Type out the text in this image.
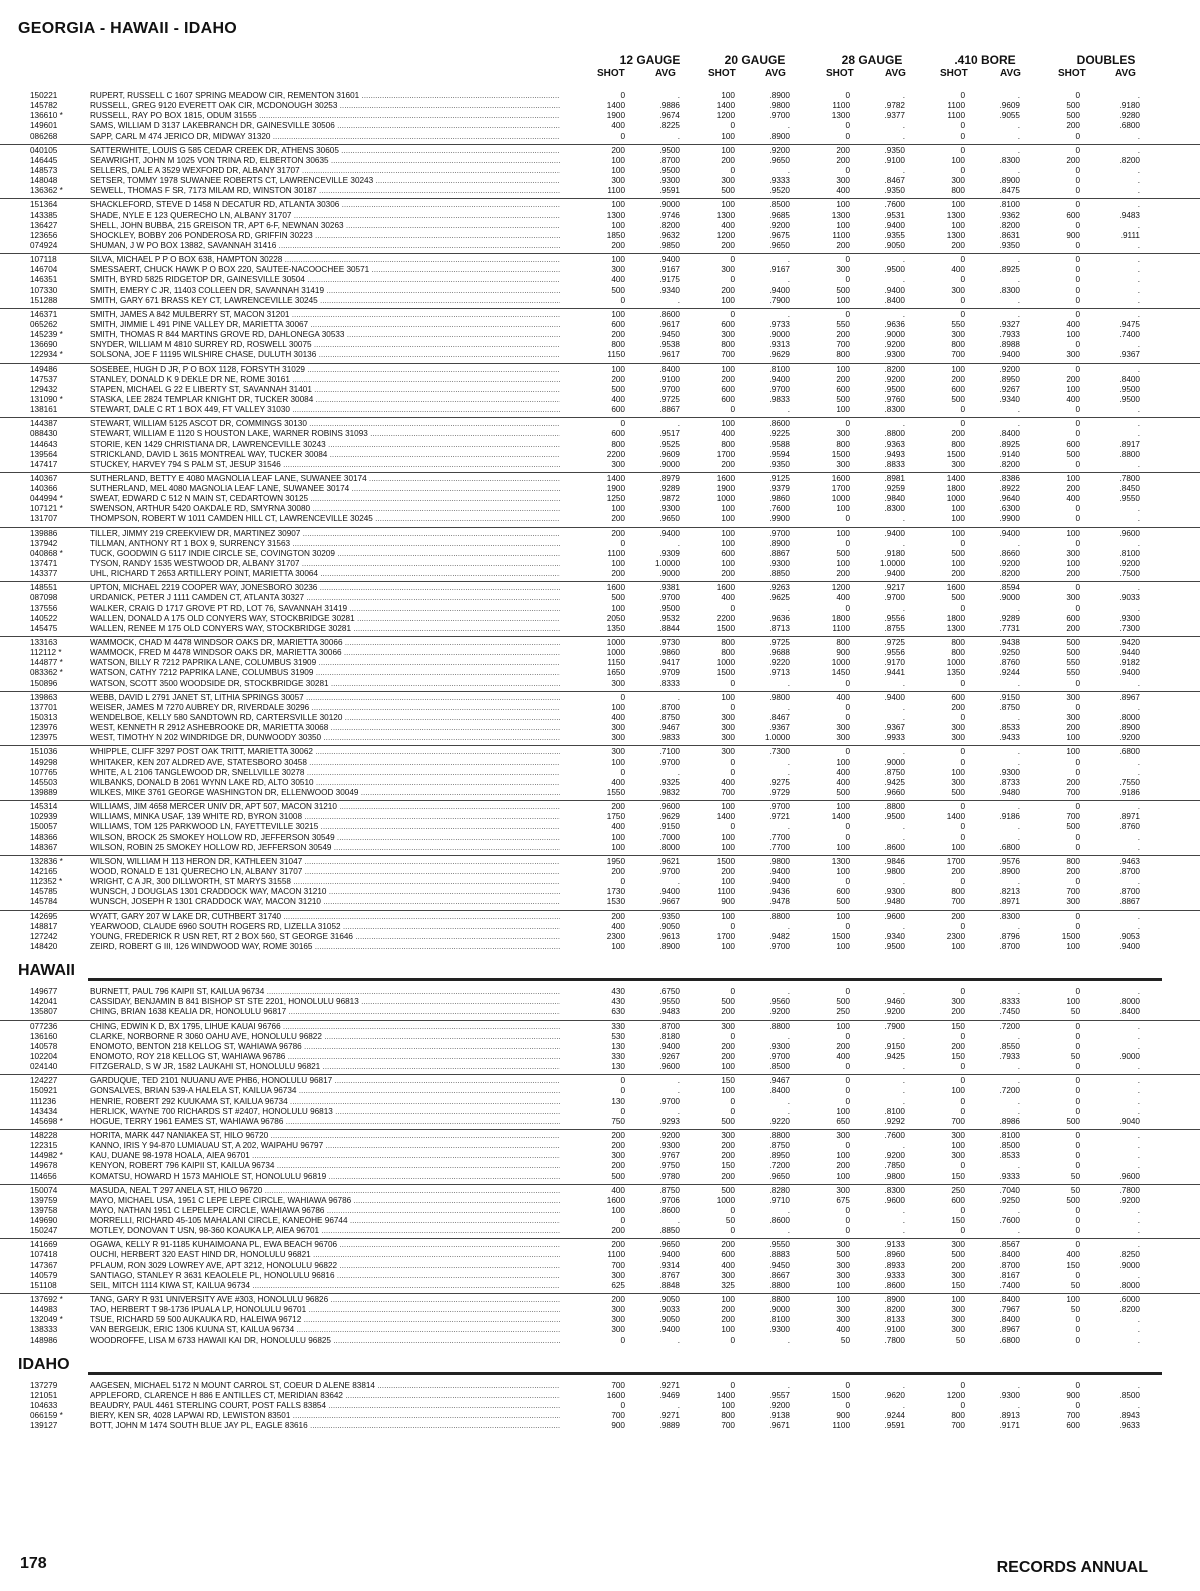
GEORGIA - HAWAII - IDAHO
12 GAUGE	20 GAUGE	28 GAUGE	.410 BORE	DOUBLES
SHOT	AVG	SHOT	AVG	SHOT	AVG	SHOT	AVG	SHOT	AVG
150221	RUPERT, RUSSELL C 1607 SPRING MEADOW CIR, REMENTON 31601 .....	0	.	100	.8900	0	.	0	.	0	.
145782	RUSSELL, GREG 9120 EVERETT OAK CIR, MCDONOUGH 30253 .....	1400	.9886	1400	.9800	1100	.9782	1100	.9609	500	.9180
136610 *	RUSSELL, RAY PO BOX 1815, ODUM 31555 .....	1900	.9674	1200	.9700	1300	.9377	1100	.9055	500	.9280
149601	SAMS, WILLIAM D 3137 LAKEBRANCH DR, GAINESVILLE 30506 .....	400	.8225	0	.	0	.	0	.	200	.6800
086268	SAPP, CARL M 474 JERICO DR, MIDWAY 31320 .....	0	.	100	.8900	0	.	0	.	0	.
040105	SATTERWHITE, LOUIS G 585 CEDAR CREEK DR, ATHENS 30605 .....	200	.9500	100	.9200	200	.9350	0	.	0	.
146445	SEAWRIGHT, JOHN M 1025 VON TRINA RD, ELBERTON 30635 .....	100	.8700	200	.9650	200	.9100	100	.8300	200	.8200
148573	SELLERS, DALE A 3529 WEXFORD DR, ALBANY 31707 .....	100	.9500	0	.	0	.	0	.	0	.
148048	SETSER, TOMMY 1978 SUWANEE ROBERTS CT, LAWRENCEVILLE 30243 .....	300	.9300	300	.9333	300	.8467	300	.8900	0	.
136362 *	SEWELL, THOMAS F SR, 7173 MILAM RD, WINSTON 30187 .....	1100	.9591	500	.9520	400	.9350	800	.8475	0	.
151364	SHACKLEFORD, STEVE D 1458 N DECATUR RD, ATLANTA 30306 .....	100	.9000	100	.8500	100	.7600	100	.8100	0	.
143385	SHADE, NYLE E 123 QUERECHO LN, ALBANY 31707 .....	1300	.9746	1300	.9685	1300	.9531	1300	.9362	600	.9483
136427	SHELL, JOHN BUBBA, 215 GREISON TR, APT 6-F, NEWNAN 30263 .....	100	.8200	400	.9200	100	.9400	100	.8200	0	.
123656	SHOCKLEY, BOBBY 206 PONDEROSA RD, GRIFFIN 30223 .....	1850	.9632	1200	.9675	1100	.9355	1300	.8631	900	.9111
074924	SHUMAN, J W PO BOX 13882, SAVANNAH 31416 .....	200	.9850	200	.9650	200	.9050	200	.9350	0	.
107118	SILVA, MICHAEL P P O BOX 638, HAMPTON 30228 .....	100	.9400	0	.	0	.	0	.	0	.
146704	SMESSAERT, CHUCK HAWK P O BOX 220, SAUTEE-NACOOCHEE 30571 .....	300	.9167	300	.9167	300	.9500	400	.8925	0	.
146351	SMITH, BYRD 5825 RIDGETOP DR, GAINESVILLE 30504 .....	400	.9175	0	.	0	.	0	.	0	.
107330	SMITH, EMERY C JR, 11403 COLLEEN DR, SAVANNAH 31419 .....	500	.9340	200	.9400	500	.9400	300	.8300	0	.
151288	SMITH, GARY 671 BRASS KEY CT, LAWRENCEVILLE 30245 .....	0	.	100	.7900	100	.8400	0	.	0	.
146371	SMITH, JAMES A 842 MULBERRY ST, MACON 31201 .....	100	.8600	0	.	0	.	0	.	0	.
065262	SMITH, JIMMIE L 491 PINE VALLEY DR, MARIETTA 30067 .....	600	.9617	600	.9733	550	.9636	550	.9327	400	.9475
145239 *	SMITH, THOMAS R 844 MARTINS GROVE RD, DAHLONEGA 30533 .....	200	.9450	300	.9000	200	.9000	300	.7933	100	.7400
136690	SNYDER, WILLIAM M 4810 SURREY RD, ROSWELL 30075 .....	800	.9538	800	.9313	700	.9200	800	.8988	0	.
122934 *	SOLSONA, JOE F 11195 WILSHIRE CHASE, DULUTH 30136 .....	1150	.9617	700	.9629	800	.9300	700	.9400	300	.9367
149486	SOSEBEE, HUGH D JR, P O BOX 1128, FORSYTH 31029 .....	100	.8400	100	.8100	100	.8200	100	.9200	0	.
147537	STANLEY, DONALD K 9 DEKLE DR NE, ROME 30161 .....	200	.9100	200	.9400	200	.9200	200	.8950	200	.8400
129432	STAPEN, MICHAEL G 22 E LIBERTY ST, SAVANNAH 31401 .....	500	.9700	600	.9700	600	.9500	600	.9267	100	.9500
131090 *	STASKA, LEE 2824 TEMPLAR KNIGHT DR, TUCKER 30084 .....	400	.9725	600	.9833	500	.9760	500	.9340	400	.9500
138161	STEWART, DALE C RT 1 BOX 449, FT VALLEY 31030 .....	600	.8867	0	.	100	.8300	0	.	0	.
144387	STEWART, WILLIAM 5125 ASCOT DR, COMMINGS 30130 .....	0	.	100	.8600	0	.	0	.	0	.
088430	STEWART, WILLIAM E 1120 S HOUSTON LAKE, WARNER ROBINS 31093 .....	600	.9517	400	.9225	300	.8800	200	.8400	0	.
144643	STORIE, KEN 1429 CHRISTIANA DR, LAWRENCEVILLE 30243 .....	800	.9525	800	.9588	800	.9363	800	.8925	600	.8917
139564	STRICKLAND, DAVID L 3615 MONTREAL WAY, TUCKER 30084 .....	2200	.9609	1700	.9594	1500	.9493	1500	.9140	500	.8800
147417	STUCKEY, HARVEY 794 S PALM ST, JESUP 31546 .....	300	.9000	200	.9350	300	.8833	300	.8200	0	.
140367	SUTHERLAND, BETTY E 4080 MAGNOLIA LEAF LANE, SUWANEE 30174 .....	1400	.8979	1600	.9125	1600	.8981	1400	.8386	100	.7800
140366	SUTHERLAND, MEL 4080 MAGNOLIA LEAF LANE, SUWANEE 30174 .....	1900	.9289	1900	.9379	1700	.9259	1800	.8922	200	.8450
044994 *	SWEAT, EDWARD C 512 N MAIN ST, CEDARTOWN 30125 .....	1250	.9872	1000	.9860	1000	.9840	1000	.9640	400	.9550
107121 *	SWENSON, ARTHUR 5420 OAKDALE RD, SMYRNA 30080 .....	100	.9300	100	.7600	100	.8300	100	.6300	0	.
131707	THOMPSON, ROBERT W 1011 CAMDEN HILL CT, LAWRENCEVILLE 30245 .....	200	.9650	100	.9900	0	.	100	.9900	0	.
139886	TILLER, JIMMY 219 CREEKVIEW DR, MARTINEZ 30907 .....	200	.9400	100	.9700	100	.9400	100	.9400	100	.9600
137942	TILLMAN, ANTHONY RT 1 BOX 9, SURRENCY 31563 .....	0	.	100	.8900	0	.	0	.	0	.
040868 *	TUCK, GOODWIN G 5117 INDIE CIRCLE SE, COVINGTON 30209 .....	1100	.9309	600	.8867	500	.9180	500	.8660	300	.8100
137471	TYSON, RANDY 1535 WESTWOOD DR, ALBANY 31707 .....	100	1.0000	100	.9300	100	1.0000	100	.9200	100	.9200
143377	UHL, RICHARD T 2653 ARTILLERY POINT, MARIETTA 30064 .....	200	.9000	200	.8850	200	.9400	200	.8200	200	.7500
148551	UPTON, MICHAEL 2219 COOPER WAY, JONESBORO 30236 .....	1600	.9381	1600	.9263	1200	.9217	1600	.8594	0	.
087098	URDANICK, PETER J 1111 CAMDEN CT, ATLANTA 30327 .....	500	.9700	400	.9625	400	.9700	500	.9000	300	.9033
137556	WALKER, CRAIG D 1717 GROVE PT RD, LOT 76, SAVANNAH 31419 .....	100	.9500	0	.	0	.	0	.	0	.
140522	WALLEN, DONALD A 175 OLD CONYERS WAY, STOCKBRIDGE 30281 .....	2050	.9532	2200	.9636	1800	.9556	1800	.9289	600	.9300
145475	WALLEN, RENEE M 175 OLD CONYERS WAY, STOCKBRIDGE 30281 .....	1350	.8844	1500	.8713	1100	.8755	1300	.7731	200	.7300
133163	WAMMOCK, CHAD M 4478 WINDSOR OAKS DR, MARIETTA 30066 .....	1000	.9730	800	.9725	800	.9725	800	.9438	500	.9420
112112 *	WAMMOCK, FRED M 4478 WINDSOR OAKS DR, MARIETTA 30066 .....	1000	.9860	800	.9688	900	.9556	800	.9250	500	.9440
144877 *	WATSON, BILLY R 7212 PAPRIKA LANE, COLUMBUS 31909 .....	1150	.9417	1000	.9220	1000	.9170	1000	.8760	550	.9182
083362 *	WATSON, CATHY 7212 PAPRIKA LANE, COLUMBUS 31909 .....	1650	.9709	1500	.9713	1450	.9441	1350	.9244	550	.9400
150896	WATSON, SCOTT 3500 WOODSIDE DR, STOCKBRIDGE 30281 .....	300	.8333	0	.	0	.	0	.	0	.
139863	WEBB, DAVID L 2791 JANET ST, LITHIA SPRINGS 30057 .....	0	.	100	.9800	400	.9400	600	.9150	300	.8967
137701	WEISER, JAMES M 7270 AUBREY DR, RIVERDALE 30296 .....	100	.8700	0	.	0	.	200	.8750	0	.
150313	WENDELBOE, KELLY 580 SANDTOWN RD, CARTERSVILLE 30120 .....	400	.8750	300	.8467	0	.	0	.	300	.8000
123976	WEST, KENNETH R 2912 ASHEBROOKE DR, MARIETTA 30068 .....	300	.9467	300	.9367	300	.9367	300	.8533	200	.8900
123975	WEST, TIMOTHY N 202 WINDRIDGE DR, DUNWOODY 30350 .....	300	.9833	300	1.0000	300	.9933	300	.9433	100	.9200
151036	WHIPPLE, CLIFF 3297 POST OAK TRITT, MARIETTA 30062 .....	300	.7100	300	.7300	0	.	0	.	100	.6800
149298	WHITAKER, KEN 207 ALDRED AVE, STATESBORO 30458 .....	100	.9700	0	.	100	.9000	0	.	0	.
107765	WHITE, A L 2106 TANGLEWOOD DR, SNELLVILLE 30278 .....	0	.	0	.	400	.8750	100	.9300	0	.
145503	WILBANKS, DONALD B 2061 WYNN LAKE RD, ALTO 30510 .....	400	.9325	400	.9275	400	.9425	300	.8733	200	.7550
139889	WILKES, MIKE 3761 GEORGE WASHINGTON DR, ELLENWOOD 30049 .....	1550	.9832	700	.9729	500	.9660	500	.9480	700	.9186
145314	WILLIAMS, JIM 4658 MERCER UNIV DR, APT 507, MACON 31210 .....	200	.9600	100	.9700	100	.8800	0	.	0	.
102939	WILLIAMS, MINKA USAF, 139 WHITE RD, BYRON 31008 .....	1750	.9629	1400	.9721	1400	.9500	1400	.9186	700	.8971
150057	WILLIAMS, TOM 125 PARKWOOD LN, FAYETTEVILLE 30215 .....	400	.9150	0	.	0	.	0	.	500	.8760
148366	WILSON, BROCK 25 SMOKEY HOLLOW RD, JEFFERSON 30549 .....	100	.7000	100	.7700	0	.	0	.	0	.
148367	WILSON, ROBIN 25 SMOKEY HOLLOW RD, JEFFERSON 30549 .....	100	.8000	100	.7700	100	.8600	100	.6800	0	.
132836 *	WILSON, WILLIAM H 113 HERON DR, KATHLEEN 31047 .....	1950	.9621	1500	.9800	1300	.9846	1700	.9576	800	.9463
142165	WOOD, RONALD E 131 QUERECHO LN, ALBANY 31707 .....	200	.9700	200	.9400	100	.9800	200	.8900	200	.8700
112352 *	WRIGHT, C A JR, 300 DILLWORTH, ST MARYS 31558 .....	0	.	100	.9400	0	.	0	.	0	.
145785	WUNSCH, J DOUGLAS 1301 CRADDOCK WAY, MACON 31210 .....	1730	.9400	1100	.9436	600	.9300	800	.8213	700	.8700
145784	WUNSCH, JOSEPH R 1301 CRADDOCK WAY, MACON 31210 .....	1530	.9667	900	.9478	500	.9480	700	.8971	300	.8867
142695	WYATT, GARY 207 W LAKE DR, CUTHBERT 31740 .....	200	.9350	100	.8800	100	.9600	200	.8300	0	.
148817	YEARWOOD, CLAUDE 6960 SOUTH ROGERS RD, LIZELLA 31052 .....	400	.9050	0	.	0	.	0	.	0	.
127242	YOUNG, FREDERICK R USN RET, RT 2 BOX 560, ST GEORGE 31646 .....	2300	.9613	1700	.9482	1500	.9340	2300	.8796	1500	.9053
148420	ZEIRD, ROBERT G III, 126 WINDWOOD WAY, ROME 30165 .....	100	.8900	100	.9700	100	.9500	100	.8700	100	.9400
HAWAII
149677	BURNETT, PAUL 796 KAIPII ST, KAILUA 96734 .....	430	.6750	0	.	0	.	0	.	0	.
142041	CASSIDAY, BENJAMIN B 841 BISHOP ST STE 2201, HONOLULU 96813 .....	430	.9550	500	.9560	500	.9460	300	.8333	100	.8000
135807	CHING, BRIAN 1638 KEALIA DR, HONOLULU 96817 .....	630	.9483	200	.9200	250	.9200	200	.7450	50	.8400
077236	CHING, EDWIN K D, BX 1795, LIHUE KAUAI 96766 .....	330	.8700	300	.8800	100	.7900	150	.7200	0	.
136160	CLARKE, NORBORNE R 3060 OAHU AVE, HONOLULU 96822 .....	530	.8180	0	.	0	.	0	.	0	.
140578	ENOMOTO, BENTON 218 KELLOG ST, WAHIAWA 96786 .....	130	.9400	200	.9300	200	.9150	200	.8550	0	.
102204	ENOMOTO, ROY 218 KELLOG ST, WAHIAWA 96786 .....	330	.9267	200	.9700	400	.9425	150	.7933	50	.9000
024140	FITZGERALD, S W JR, 1582 LAUKAHI ST, HONOLULU 96821 .....	130	.9600	100	.8500	0	.	0	.	0	.
124227	GARDUQUE, TED 2101 NUUANU AVE PHB6, HONOLULU 96817 .....	0	.	150	.9467	0	.	0	.	0	.
150921	GONSALVES, BRIAN 539-A HALELA ST, KAILUA 96734 .....	0	.	100	.8400	0	.	100	.7200	0	.
111236	HENRIE, ROBERT 292 KUUKAMA ST, KAILUA 96734 .....	130	.9700	0	.	0	.	0	.	0	.
143434	HERLICK, WAYNE 700 RICHARDS ST #2407, HONOLULU 96813 .....	0	.	0	.	100	.8100	0	.	0	.
145698 *	HOGUE, TERRY 1961 EAMES ST, WAHIAWA 96786 .....	750	.9293	500	.9220	650	.9292	700	.8986	500	.9040
148228	HORITA, MARK 447 NANIAKEA ST, HILO 96720 .....	200	.9200	300	.8800	300	.7600	300	.8100	0	.
122315	KANNO, IRIS Y 94-870 LUMIAUAU ST, A 202, WAIPAHU 96797 .....	200	.9300	200	.8750	0	.	100	.8500	0	.
144982 *	KAU, DUANE 98-1978 HOALA, AIEA 96701 .....	300	.9767	200	.8950	100	.9200	300	.8533	0	.
149678	KENYON, ROBERT 796 KAIPII ST, KAILUA 96734 .....	200	.9750	150	.7200	200	.7850	0	.	0	.
114656	KOMATSU, HOWARD H 1573 MAHIOLE ST, HONOLULU 96819 .....	500	.9780	200	.9650	100	.9800	150	.9333	50	.9600
150074	MASUDA, NEAL T 297 ANELA ST, HILO 96720 .....	400	.8750	500	.8280	300	.8300	250	.7040	50	.7800
139759	MAYO, MICHAEL USA, 1951 C LEPE LEPE CIRCLE, WAHIAWA 96786 .....	1600	.9706	1000	.9710	675	.9600	600	.9250	500	.9200
139758	MAYO, NATHAN 1951 C LEPELEPE CIRCLE, WAHIAWA 96786 .....	100	.8600	0	.	0	.	0	.	0	.
149690	MORRELLI, RICHARD 45-105 MAHALANI CIRCLE, KANEOHE 96744 .....	0	.	50	.8600	0	.	150	.7600	0	.
150247	MOTLEY, DONOVAN T USN, 98-360 KOAUKA LP, AIEA 96701 .....	200	.8850	0	.	0	.	0	.	0	.
141669	OGAWA, KELLY R 91-1185 KUHAIMOANA PL, EWA BEACH 96706 .....	200	.9650	200	.9550	300	.9133	300	.8567	0	.
107418	OUCHI, HERBERT 320 EAST HIND DR, HONOLULU 96821 .....	1100	.9400	600	.8883	500	.8960	500	.8400	400	.8250
147367	PFLAUM, RON 3029 LOWREY AVE, APT 3212, HONOLULU 96822 .....	700	.9314	400	.9450	300	.8933	200	.8700	150	.9000
140579	SANTIAGO, STANLEY R 3631 KEAOLELE PL, HONOLULU 96816 .....	300	.8767	300	.8667	300	.9333	300	.8167	0	.
151108	SEIL, MITCH 1114 KIWA ST, KAILUA 96734 .....	625	.8848	325	.8800	100	.8600	150	.7400	50	.8000
137692 *	TANG, GARY R 931 UNIVERSITY AVE #303, HONOLULU 96826 .....	200	.9050	100	.8800	100	.8900	100	.8400	100	.6000
144983	TAO, HERBERT T 98-1736 IPUALA LP, HONOLULU 96701 .....	300	.9033	200	.9000	300	.8200	300	.7967	50	.8200
132049 *	TSUE, RICHARD 59 500 AUKAUKA RD, HALEIWA 96712 .....	300	.9050	200	.8100	300	.8133	300	.8400	0	.
138333	VAN BERGEIJK, ERIC 1306 KUUNA ST, KAILUA 96734 .....	300	.9400	100	.9300	400	.9100	300	.8967	0	.
148986	WOODROFFE, LISA M 6733 HAWAII KAI DR, HONOLULU 96825 .....	0	.	0	.	50	.7800	50	.6800	0	.
IDAHO
137279	AAGESEN, MICHAEL 5172 N MOUNT CARROL ST, COEUR D ALENE 83814 .....	700	.9271	0	.	0	.	0	.	0	.
121051	APPLEFORD, CLARENCE H 886 E ANTILLES CT, MERIDIAN 83642 .....	1600	.9469	1400	.9557	1500	.9620	1200	.9300	900	.8500
104633	BEAUDRY, PAUL 4461 STERLING COURT, POST FALLS 83854 .....	0	.	100	.9200	0	.	0	.	0	.
066159 *	BIERY, KEN SR, 4028 LAPWAI RD, LEWISTON 83501 .....	700	.9271	800	.9138	900	.9244	800	.8913	700	.8943
139127	BOTT, JOHN M 1474 SOUTH BLUE JAY PL, EAGLE 83616 .....	900	.9889	700	.9671	1100	.9591	700	.9171	600	.9633
178	RECORDS ANNUAL
